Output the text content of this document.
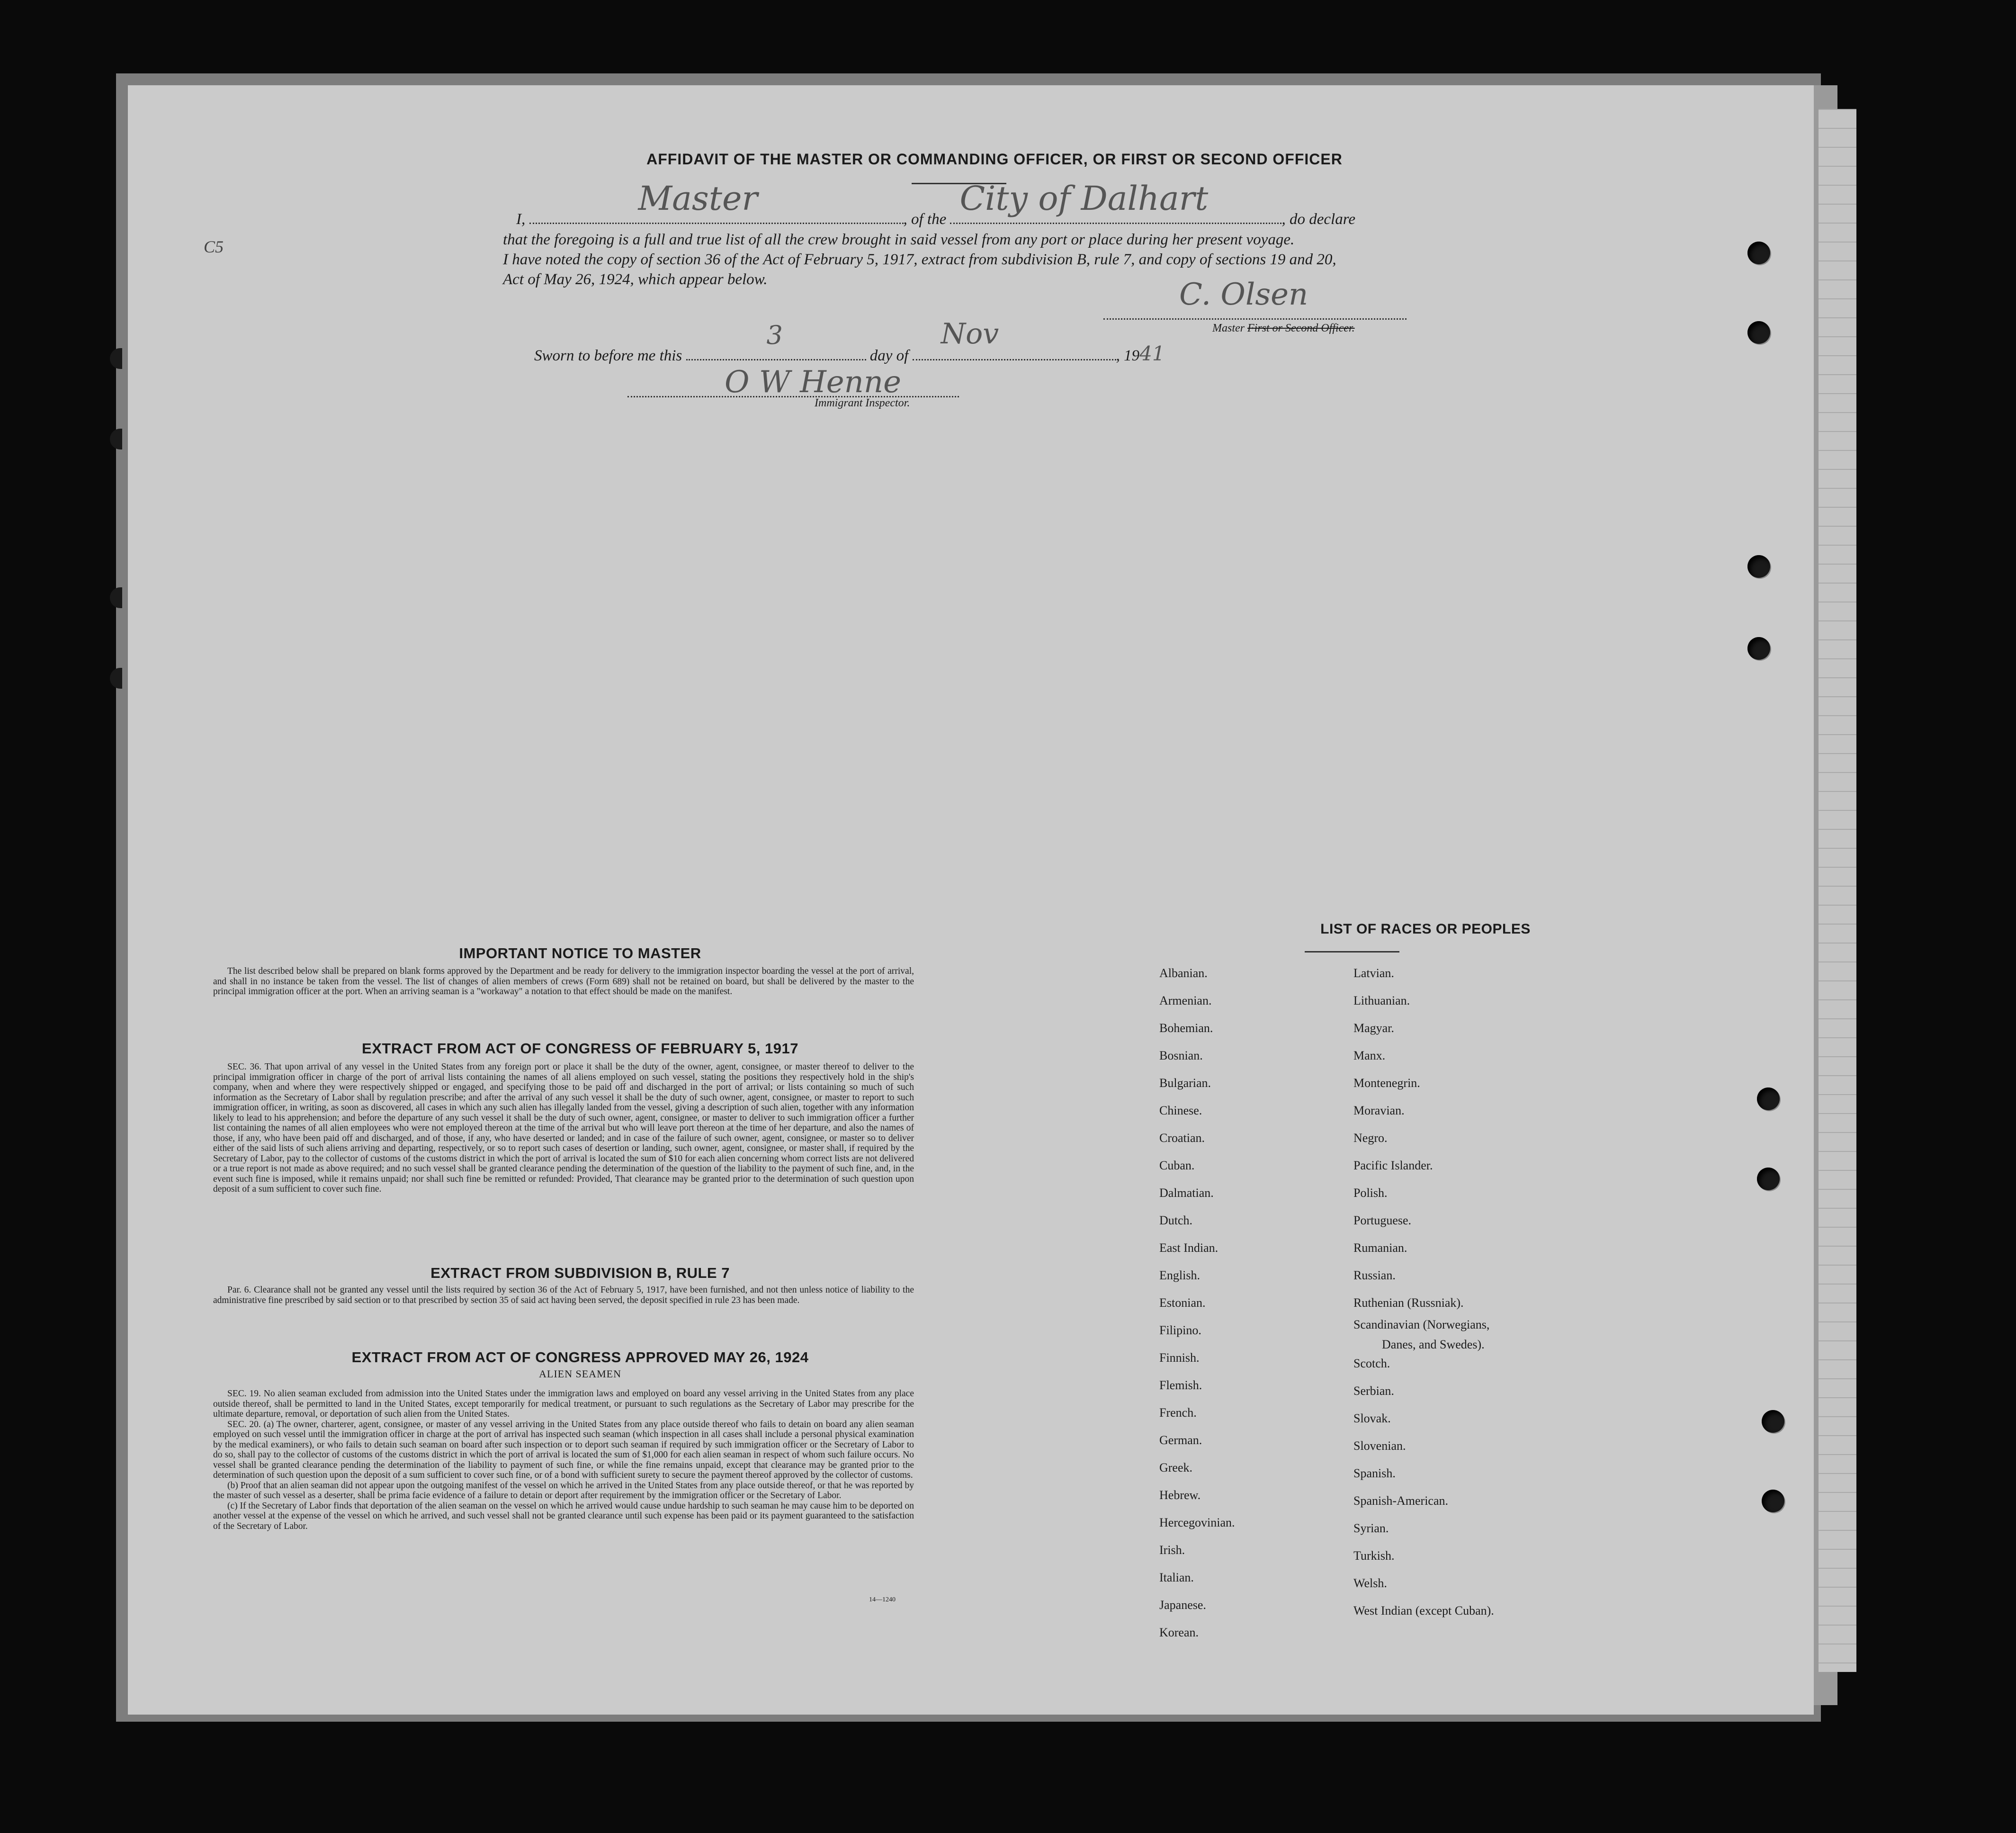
C5
AFFIDAVIT OF THE MASTER OR COMMANDING OFFICER, OR FIRST OR SECOND OFFICER
I,
Master
, of the
City of Dalhart
, do declare
that the foregoing is a full and true list of all the crew brought in said vessel from any port or place during her present voyage.
I have noted the copy of section 36 of the Act of February 5, 1917, extract from subdivision B, rule 7, and copy of sections 19 and 20,
Act of May 26, 1924, which appear below.	C. Olsen
Master First or Second Officer.
Sworn to before me this
3
day of
Nov
, 1941
O W Henne
Immigrant Inspector.
IMPORTANT NOTICE TO MASTER

The list described below shall be prepared on blank forms approved by the Department and be ready for delivery to the immigration inspector boarding the vessel at the port of arrival, and shall in no instance be taken from the vessel. The list of changes of alien members of crews (Form 689) shall not be retained on board, but shall be delivered by the master to the principal immigration officer at the port. When an arriving seaman is a "workaway" a notation to that effect should be made on the manifest.

EXTRACT FROM ACT OF CONGRESS OF FEBRUARY 5, 1917

SEC. 36. That upon arrival of any vessel in the United States from any foreign port or place it shall be the duty of the owner, agent, consignee, or master thereof to deliver to the principal immigration officer in charge of the port of arrival lists containing the names of all aliens employed on such vessel, stating the positions they respectively hold in the ship's company, when and where they were respectively shipped or engaged, and specifying those to be paid off and discharged in the port of arrival; or lists containing so much of such information as the Secretary of Labor shall by regulation prescribe; and after the arrival of any such vessel it shall be the duty of such owner, agent, consignee, or master to report to such immigration officer, in writing, as soon as discovered, all cases in which any such alien has illegally landed from the vessel, giving a description of such alien, together with any information likely to lead to his apprehension; and before the departure of any such vessel it shall be the duty of such owner, agent, consignee, or master to deliver to such immigration officer a further list containing the names of all alien employees who were not employed thereon at the time of the arrival but who will leave port thereon at the time of her departure, and also the names of those, if any, who have been paid off and discharged, and of those, if any, who have deserted or landed; and in case of the failure of such owner, agent, consignee, or master so to deliver either of the said lists of such aliens arriving and departing, respectively, or so to report such cases of desertion or landing, such owner, agent, consignee, or master shall, if required by the Secretary of Labor, pay to the collector of customs of the customs district in which the port of arrival is located the sum of $10 for each alien concerning whom correct lists are not delivered or a true report is not made as above required; and no such vessel shall be granted clearance pending the determination of the question of the liability to the payment of such fine, and, in the event such fine is imposed, while it remains unpaid; nor shall such fine be remitted or refunded: Provided, That clearance may be granted prior to the determination of such question upon deposit of a sum sufficient to cover such fine.

EXTRACT FROM SUBDIVISION B, RULE 7

Par. 6. Clearance shall not be granted any vessel until the lists required by section 36 of the Act of February 5, 1917, have been furnished, and not then unless notice of liability to the administrative fine prescribed by said section or to that prescribed by section 35 of said act having been served, the deposit specified in rule 23 has been made.

EXTRACT FROM ACT OF CONGRESS APPROVED MAY 26, 1924
ALIEN SEAMEN

SEC. 19. No alien seaman excluded from admission into the United States under the immigration laws and employed on board any vessel arriving in the United States from any place outside thereof, shall be permitted to land in the United States, except temporarily for medical treatment, or pursuant to such regulations as the Secretary of Labor may prescribe for the ultimate departure, removal, or deportation of such alien from the United States.

SEC. 20. (a) The owner, charterer, agent, consignee, or master of any vessel arriving in the United States from any place outside thereof who fails to detain on board any alien seaman employed on such vessel until the immigration officer in charge at the port of arrival has inspected such seaman (which inspection in all cases shall include a personal physical examination by the medical examiners), or who fails to detain such seaman on board after such inspection or to deport such seaman if required by such immigration officer or the Secretary of Labor to do so, shall pay to the collector of customs of the customs district in which the port of arrival is located the sum of $1,000 for each alien seaman in respect of whom such failure occurs. No vessel shall be granted clearance pending the determination of the liability to payment of such fine, or while the fine remains unpaid, except that clearance may be granted prior to the determination of such question upon the deposit of a sum sufficient to cover such fine, or of a bond with sufficient surety to secure the payment thereof approved by the collector of customs.

(b) Proof that an alien seaman did not appear upon the outgoing manifest of the vessel on which he arrived in the United States from any place outside thereof, or that he was reported by the master of such vessel as a deserter, shall be prima facie evidence of a failure to detain or deport after requirement by the immigration officer or the Secretary of Labor.

(c) If the Secretary of Labor finds that deportation of the alien seaman on the vessel on which he arrived would cause undue hardship to such seaman he may cause him to be deported on another vessel at the expense of the vessel on which he arrived, and such vessel shall not be granted clearance until such expense has been paid or its payment guaranteed to the satisfaction of the Secretary of Labor.

14—1240
LIST OF RACES OR PEOPLES
Albanian.
Armenian.
Bohemian.
Bosnian.
Bulgarian.
Chinese.
Croatian.
Cuban.
Dalmatian.
Dutch.
East Indian.
English.
Estonian.
Filipino.
Finnish.
Flemish.
French.
German.
Greek.
Hebrew.
Hercegovinian.
Irish.
Italian.
Japanese.
Korean.
Latvian.
Lithuanian.
Magyar.
Manx.
Montenegrin.
Moravian.
Negro.
Pacific Islander.
Polish.
Portuguese.
Rumanian.
Russian.
Ruthenian (Russniak).
Scandinavian (Norwegians,
Danes, and Swedes).
Scotch.
Serbian.
Slovak.
Slovenian.
Spanish.
Spanish-American.
Syrian.
Turkish.
Welsh.
West Indian (except Cuban).
